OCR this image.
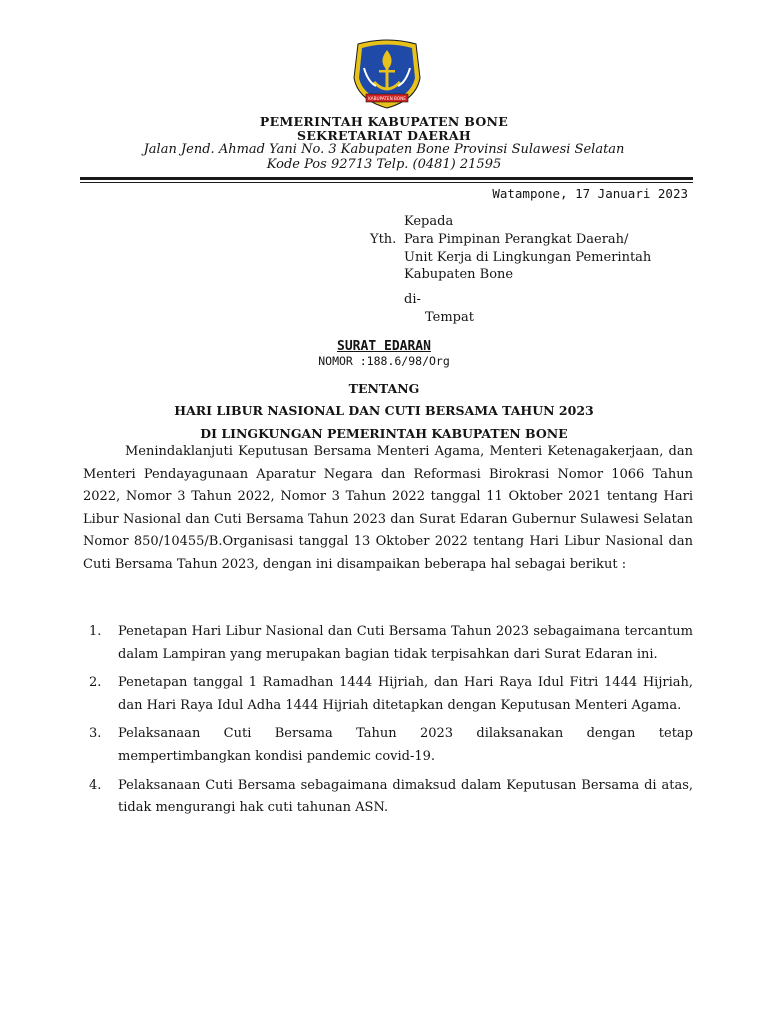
KABUPATEN BONE
PEMERINTAH KABUPATEN BONE
SEKRETARIAT DAERAH
Jalan Jend. Ahmad Yani No. 3 Kabupaten Bone Provinsi Sulawesi Selatan
Kode Pos 92713 Telp. (0481) 21595
Watampone, 17 Januari 2023
Kepada
Yth. Para Pimpinan Perangkat Daerah/
Unit Kerja di Lingkungan Pemerintah
Kabupaten Bone
di-
Tempat
SURAT EDARAN
NOMOR :188.6/98/Org
TENTANG
HARI LIBUR NASIONAL DAN CUTI BERSAMA TAHUN 2023
DI LINGKUNGAN PEMERINTAH KABUPATEN BONE

Menindaklanjuti Keputusan Bersama Menteri Agama, Menteri Ketenagakerjaan, dan Menteri Pendayagunaan Aparatur Negara dan Reformasi Birokrasi Nomor 1066 Tahun 2022, Nomor 3 Tahun 2022, Nomor 3 Tahun 2022 tanggal 11 Oktober 2021 tentang Hari Libur Nasional dan Cuti Bersama Tahun 2023 dan Surat Edaran Gubernur Sulawesi Selatan Nomor 850/10455/B.Organisasi tanggal 13 Oktober 2022 tentang Hari Libur Nasional dan Cuti Bersama Tahun 2023, dengan ini disampaikan beberapa hal sebagai berikut :

1. Penetapan Hari Libur Nasional dan Cuti Bersama Tahun 2023 sebagaimana tercantum dalam Lampiran yang merupakan bagian tidak terpisahkan dari Surat Edaran ini.
2. Penetapan tanggal 1 Ramadhan 1444 Hijriah, dan Hari Raya Idul Fitri 1444 Hijriah, dan Hari Raya Idul Adha 1444 Hijriah ditetapkan dengan Keputusan Menteri Agama.
3. Pelaksanaan Cuti Bersama Tahun 2023 dilaksanakan dengan tetap mempertimbangkan kondisi pandemic covid-19.
4. Pelaksanaan Cuti Bersama sebagaimana dimaksud dalam Keputusan Bersama di atas, tidak mengurangi hak cuti tahunan ASN.
